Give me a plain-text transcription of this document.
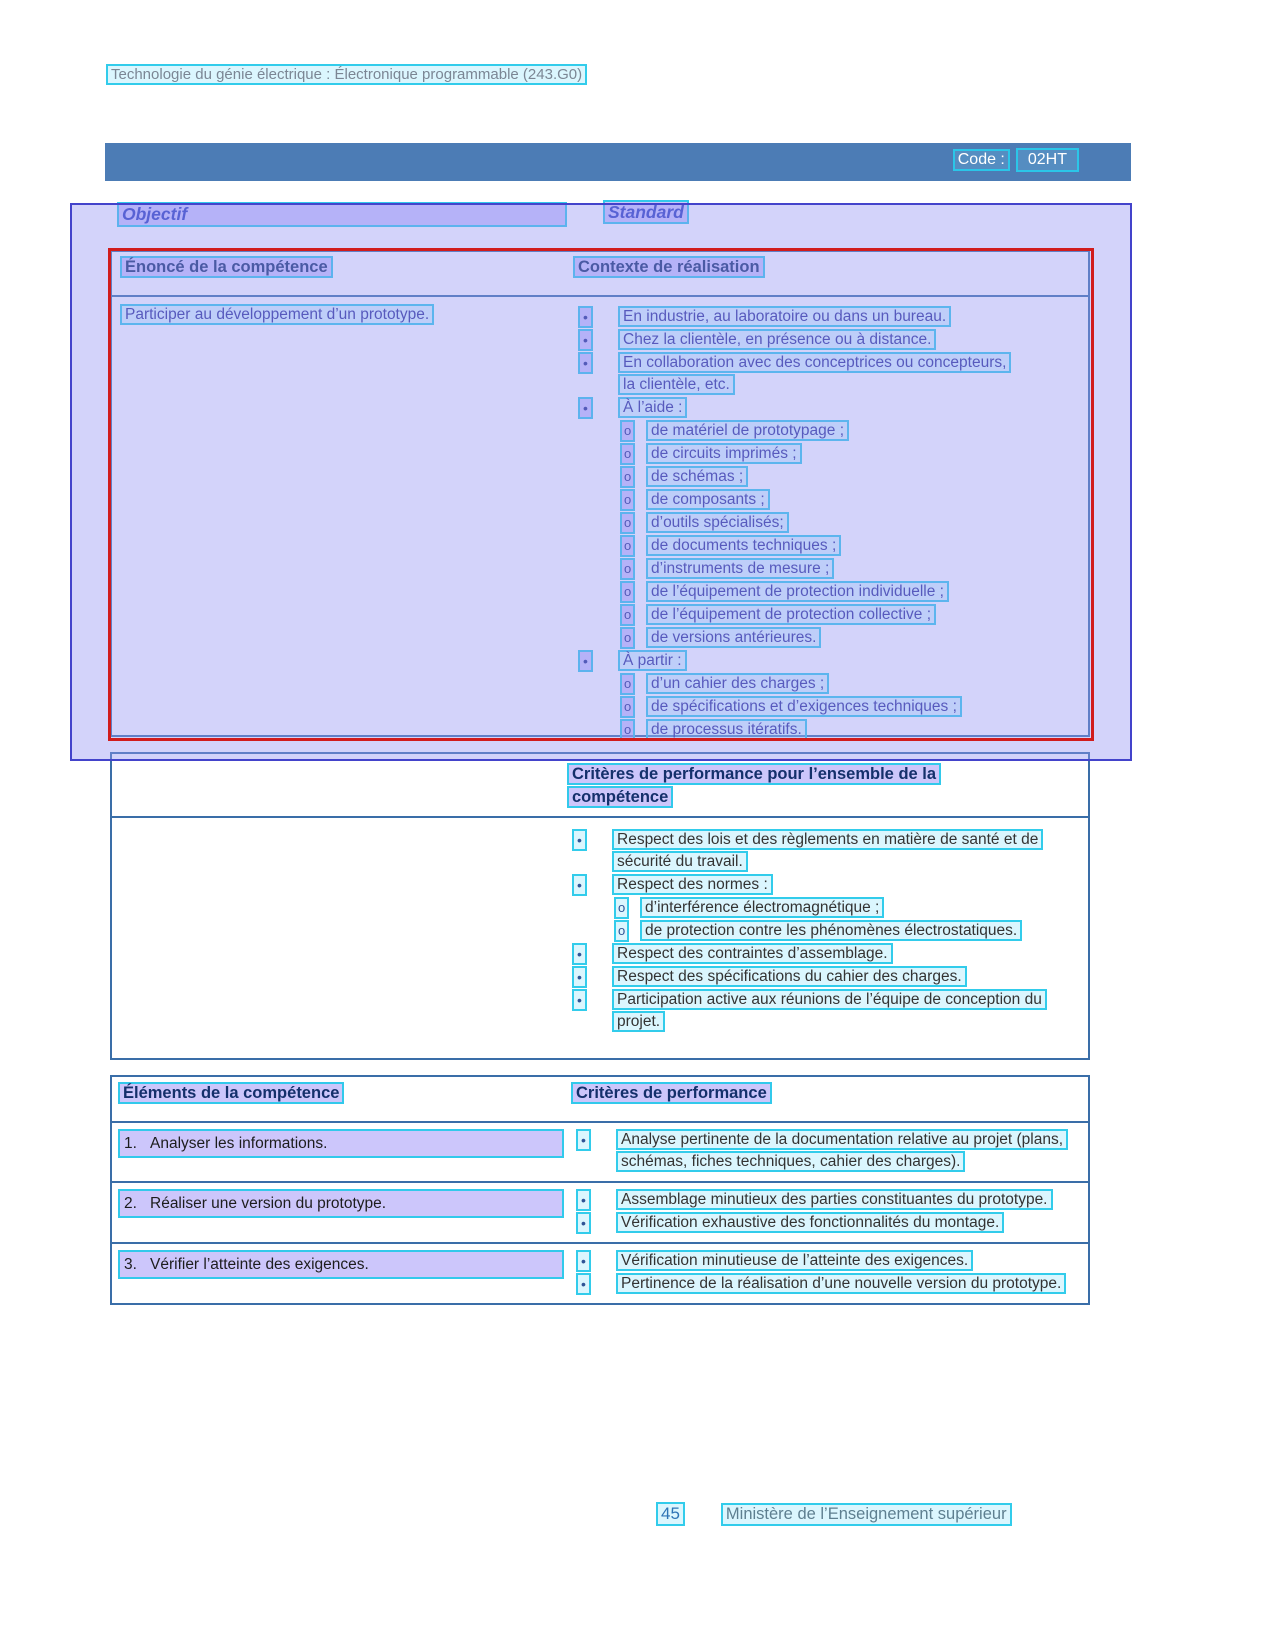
Technologie du génie électrique : Électronique programmable (243.G0)
Code :	02HT
Objectif	Standard
Énoncé de la compétence	Contexte de réalisation
Participer au développement d’un prototype.	•	En industrie, au laboratoire ou dans un bureau.
•	Chez la clientèle, en présence ou à distance.
•	En collaboration avec des conceptrices ou concepteurs, la clientèle, etc.
•	À l’aide :
o de matériel de prototypage ;
o de circuits imprimés ;
o de schémas ;
o de composants ;
o d’outils spécialisés;
o de documents techniques ;
o d’instruments de mesure ;
o de l’équipement de protection individuelle ;
o de l’équipement de protection collective ;
o de versions antérieures.
•	À partir :
o d’un cahier des charges ;
o de spécifications et d’exigences techniques ;
o de processus itératifs.
Critères de performance pour l’ensemble de la compétence
•	Respect des lois et des règlements en matière de santé et de sécurité du travail.
•	Respect des normes :
o d’interférence électromagnétique ;
o de protection contre les phénomènes électrostatiques.
•	Respect des contraintes d’assemblage.
•	Respect des spécifications du cahier des charges.
•	Participation active aux réunions de l’équipe de conception du projet.
Éléments de la compétence	Critères de performance
1. Analyser les informations.	•	Analyse pertinente de la documentation relative au projet (plans, schémas, fiches techniques, cahier des charges).
2. Réaliser une version du prototype.	•	Assemblage minutieux des parties constituantes du prototype.
•	Vérification exhaustive des fonctionnalités du montage.
3. Vérifier l’atteinte des exigences.	•	Vérification minutieuse de l’atteinte des exigences.
•	Pertinence de la réalisation d’une nouvelle version du prototype.
45	Ministère de l’Enseignement supérieur
